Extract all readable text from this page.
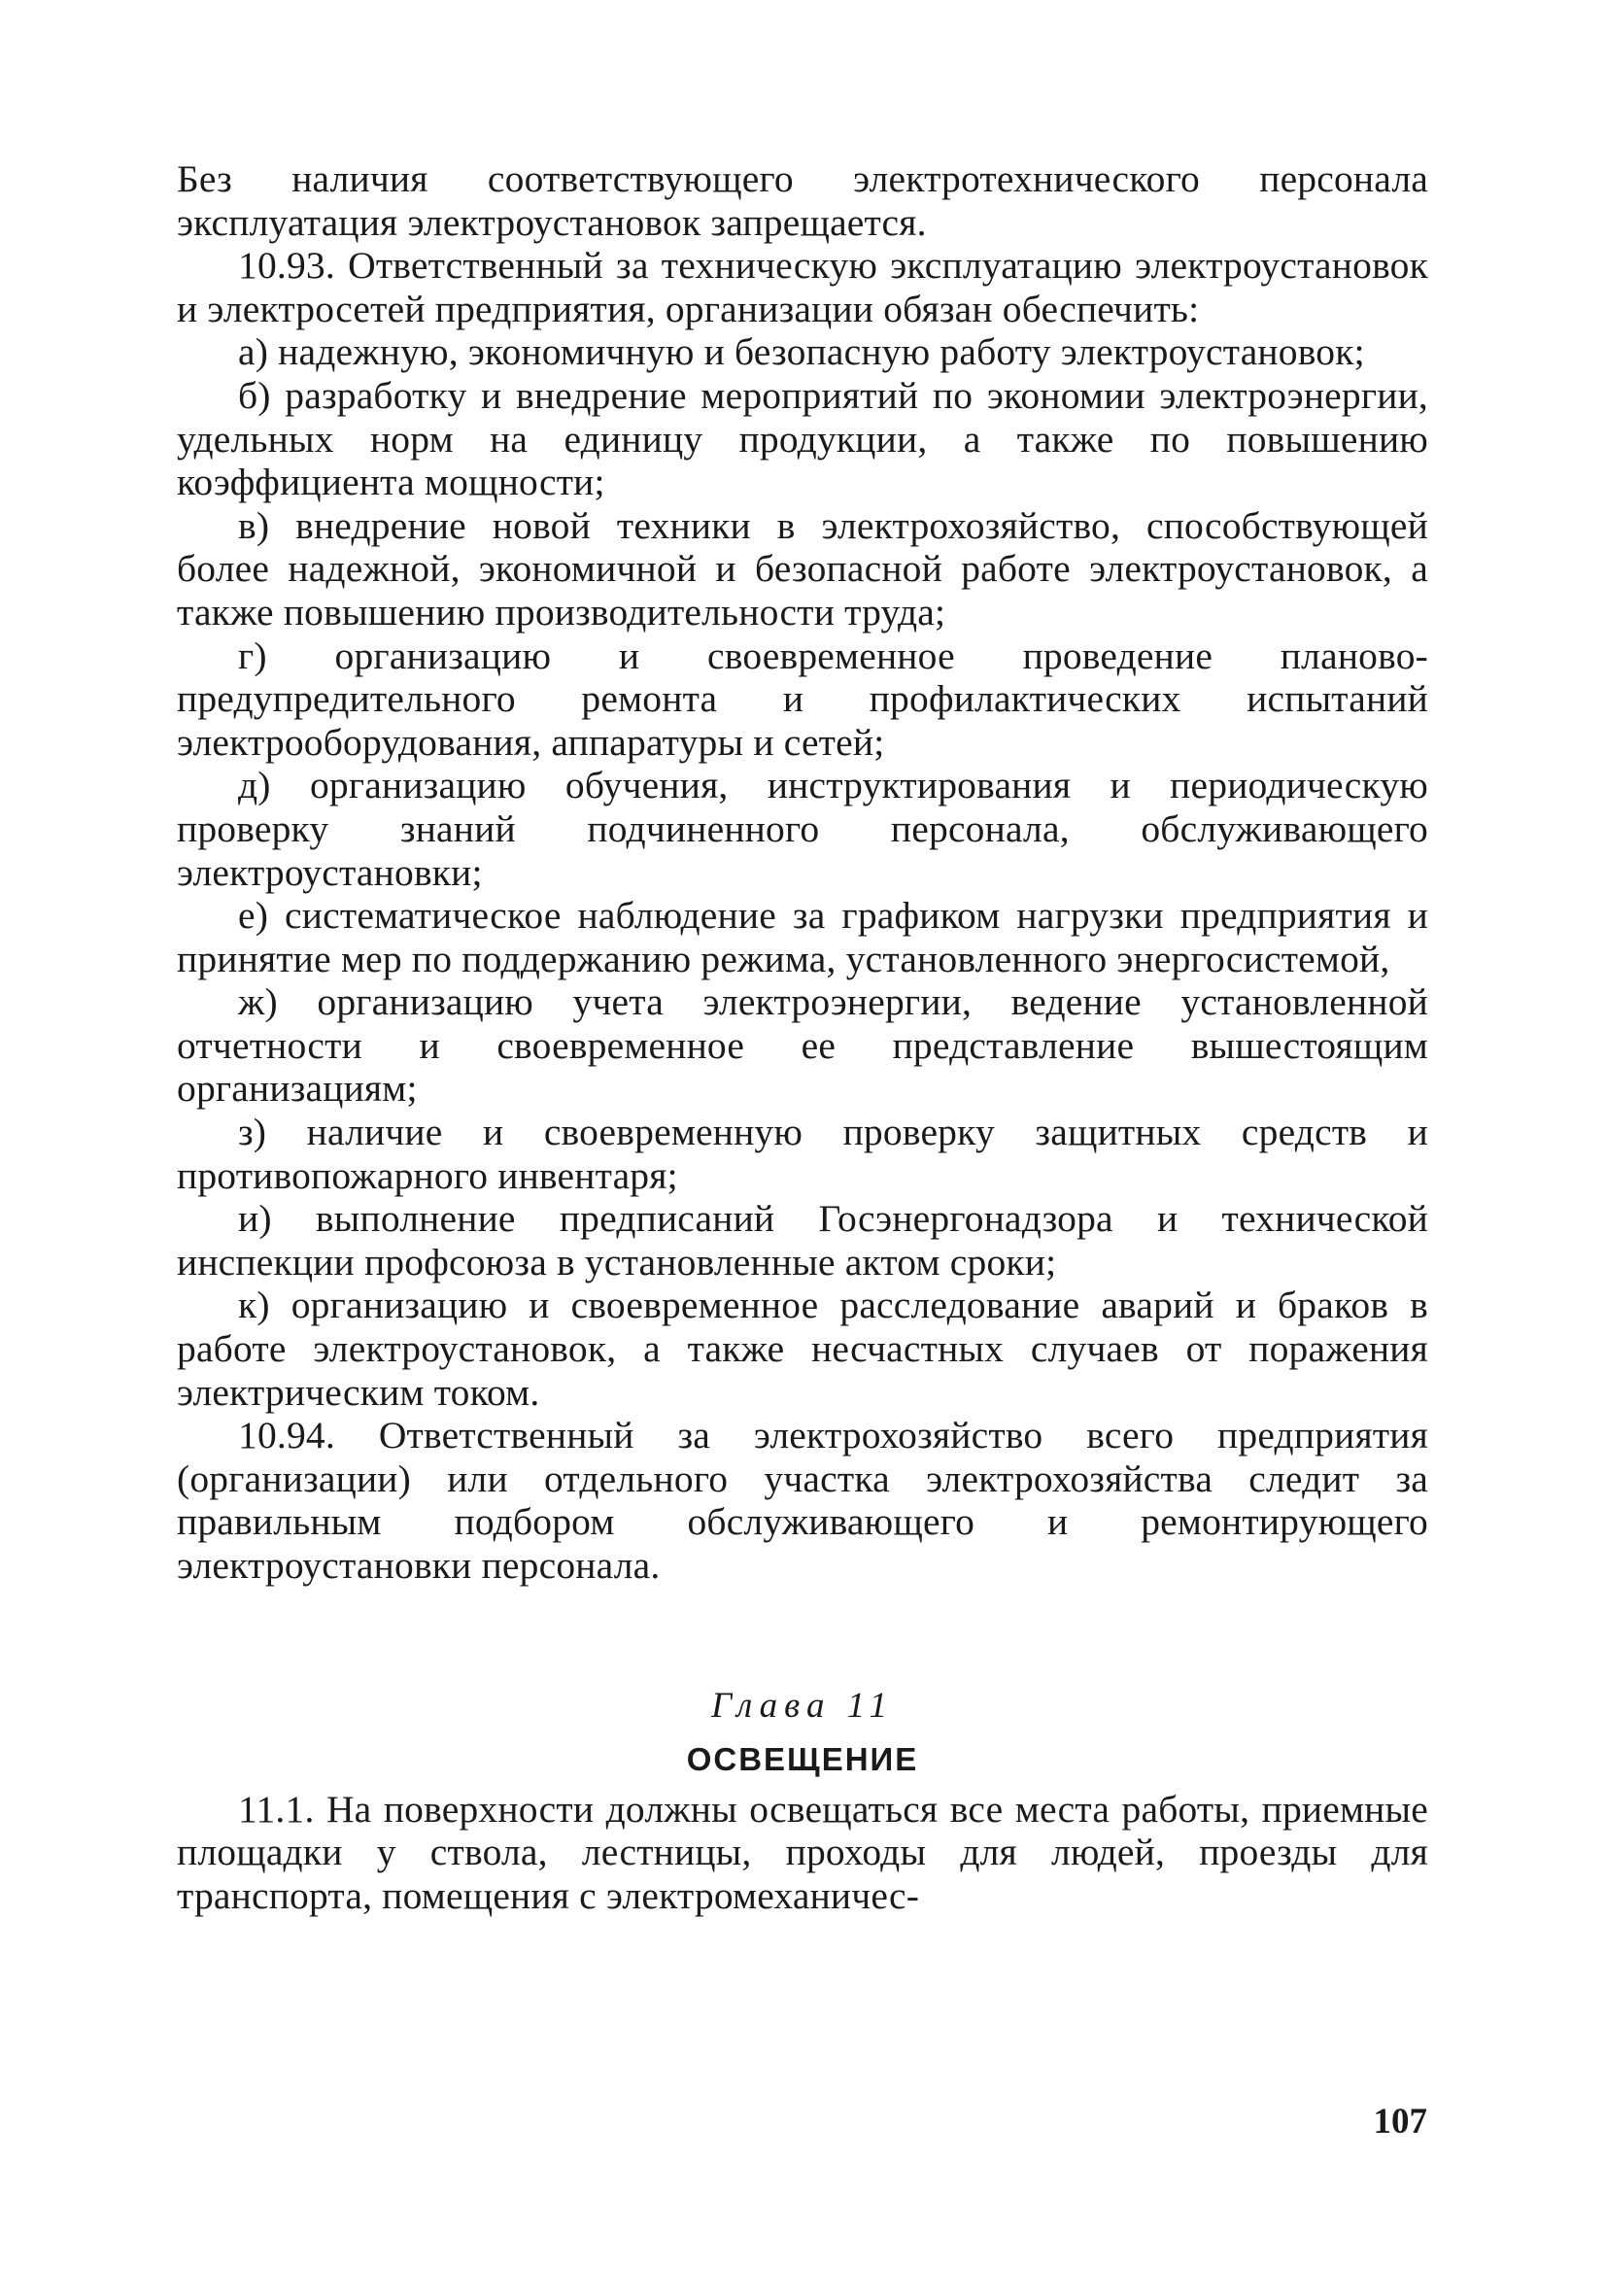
Без наличия соответствующего электротехнического персонала эксплуатация электроустановок запрещается.

10.93. Ответственный за техническую эксплуатацию электроустановок и электросетей предприятия, организации обязан обеспечить:

а) надежную, экономичную и безопасную работу электроустановок;

б) разработку и внедрение мероприятий по экономии электроэнергии, удельных норм на единицу продукции, а также по повышению коэффициента мощности;

в) внедрение новой техники в электрохозяйство, способствующей более надежной, экономичной и безопасной работе электроустановок, а также повышению производительности труда;

г) организацию и своевременное проведение планово-предупредительного ремонта и профилактических испытаний электрооборудования, аппаратуры и сетей;

д) организацию обучения, инструктирования и периодическую проверку знаний подчиненного персонала, обслуживающего электроустановки;

е) систематическое наблюдение за графиком нагрузки предприятия и принятие мер по поддержанию режима, установленного энергосистемой,

ж) организацию учета электроэнергии, ведение установленной отчетности и своевременное ее представление вышестоящим организациям;

з) наличие и своевременную проверку защитных средств и противопожарного инвентаря;

и) выполнение предписаний Госэнергонадзора и технической инспекции профсоюза в установленные актом сроки;

к) организацию и своевременное расследование аварий и браков в работе электроустановок, а также несчастных случаев от поражения электрическим током.

10.94. Ответственный за электрохозяйство всего предприятия (организации) или отдельного участка электрохозяйства следит за правильным подбором обслуживающего и ремонтирующего электроустановки персонала.

Глава 11
ОСВЕЩЕНИЕ

11.1. На поверхности должны освещаться все места работы, приемные площадки у ствола, лестницы, проходы для людей, проезды для транспорта, помещения с электромеханичес-

107
